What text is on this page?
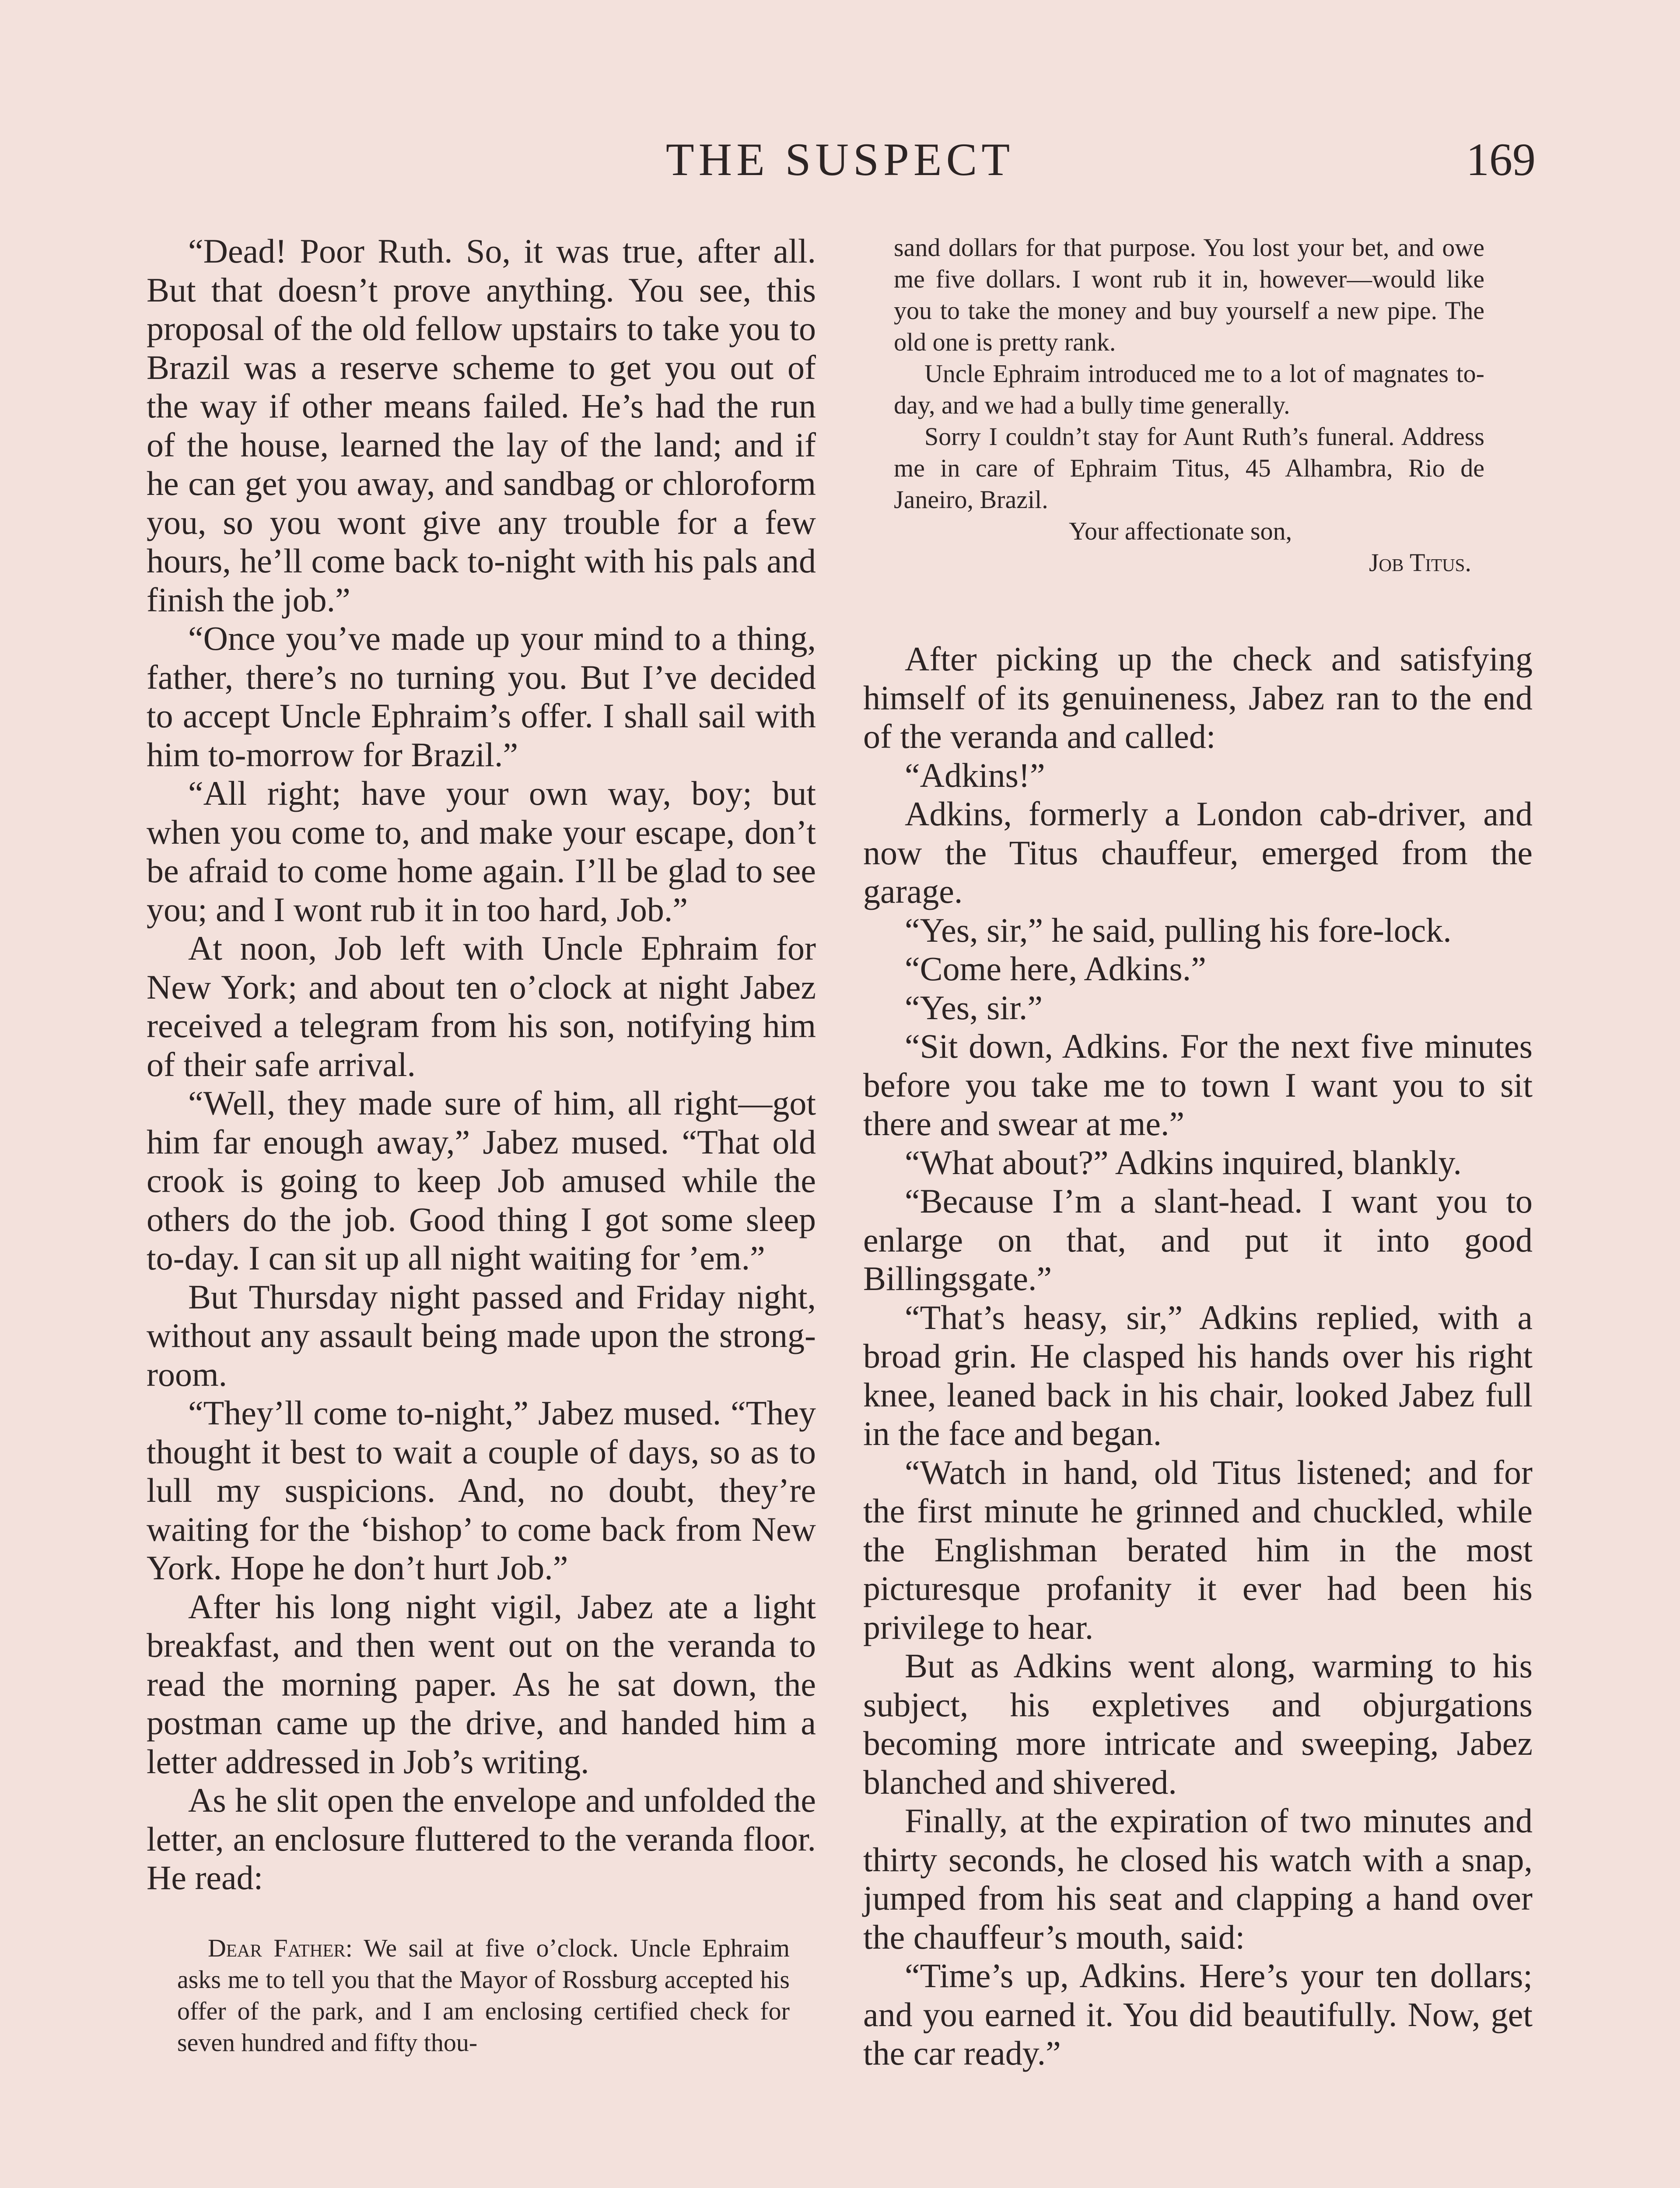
THE SUSPECT	169

“Dead! Poor Ruth. So, it was true, after all. But that doesn’t prove anything. You see, this proposal of the old fellow upstairs to take you to Brazil was a reserve scheme to get you out of the way if other means failed. He’s had the run of the house, learned the lay of the land; and if he can get you away, and sandbag or chloroform you, so you wont give any trouble for a few hours, he’ll come back to-night with his pals and finish the job.”

“Once you’ve made up your mind to a thing, father, there’s no turning you. But I’ve decided to accept Uncle Ephraim’s offer. I shall sail with him to-morrow for Brazil.”

“All right; have your own way, boy; but when you come to, and make your escape, don’t be afraid to come home again. I’ll be glad to see you; and I wont rub it in too hard, Job.”

At noon, Job left with Uncle Ephraim for New York; and about ten o’clock at night Jabez received a telegram from his son, notifying him of their safe arrival.

“Well, they made sure of him, all right—got him far enough away,” Jabez mused. “That old crook is going to keep Job amused while the others do the job. Good thing I got some sleep to-day. I can sit up all night waiting for ’em.”

But Thursday night passed and Friday night, without any assault being made upon the strong-room.

“They’ll come to-night,” Jabez mused. “They thought it best to wait a couple of days, so as to lull my suspicions. And, no doubt, they’re waiting for the ‘bishop’ to come back from New York. Hope he don’t hurt Job.”

After his long night vigil, Jabez ate a light breakfast, and then went out on the veranda to read the morning paper. As he sat down, the postman came up the drive, and handed him a letter addressed in Job’s writing.

As he slit open the envelope and unfolded the letter, an enclosure fluttered to the veranda floor. He read:

Dear Father: We sail at five o’clock. Uncle Ephraim asks me to tell you that the Mayor of Rossburg accepted his offer of the park, and I am enclosing certified check for seven hundred and fifty thou-

sand dollars for that purpose. You lost your bet, and owe me five dollars. I wont rub it in, however—would like you to take the money and buy yourself a new pipe. The old one is pretty rank.

Uncle Ephraim introduced me to a lot of magnates to-day, and we had a bully time generally.

Sorry I couldn’t stay for Aunt Ruth’s funeral. Address me in care of Ephraim Titus, 45 Alhambra, Rio de Janeiro, Brazil.

Your affectionate son,

Job Titus.

After picking up the check and satisfying himself of its genuineness, Jabez ran to the end of the veranda and called:

“Adkins!”

Adkins, formerly a London cab-driver, and now the Titus chauffeur, emerged from the garage.

“Yes, sir,” he said, pulling his fore-lock.

“Come here, Adkins.”

“Yes, sir.”

“Sit down, Adkins. For the next five minutes before you take me to town I want you to sit there and swear at me.”

“What about?” Adkins inquired, blankly.

“Because I’m a slant-head. I want you to enlarge on that, and put it into good Billingsgate.”

“That’s heasy, sir,” Adkins replied, with a broad grin. He clasped his hands over his right knee, leaned back in his chair, looked Jabez full in the face and began.

“Watch in hand, old Titus listened; and for the first minute he grinned and chuckled, while the Englishman berated him in the most picturesque profanity it ever had been his privilege to hear.

But as Adkins went along, warming to his subject, his expletives and objurgations becoming more intricate and sweeping, Jabez blanched and shivered.

Finally, at the expiration of two minutes and thirty seconds, he closed his watch with a snap, jumped from his seat and clapping a hand over the chauffeur’s mouth, said:

“Time’s up, Adkins. Here’s your ten dollars; and you earned it. You did beautifully. Now, get the car ready.”
